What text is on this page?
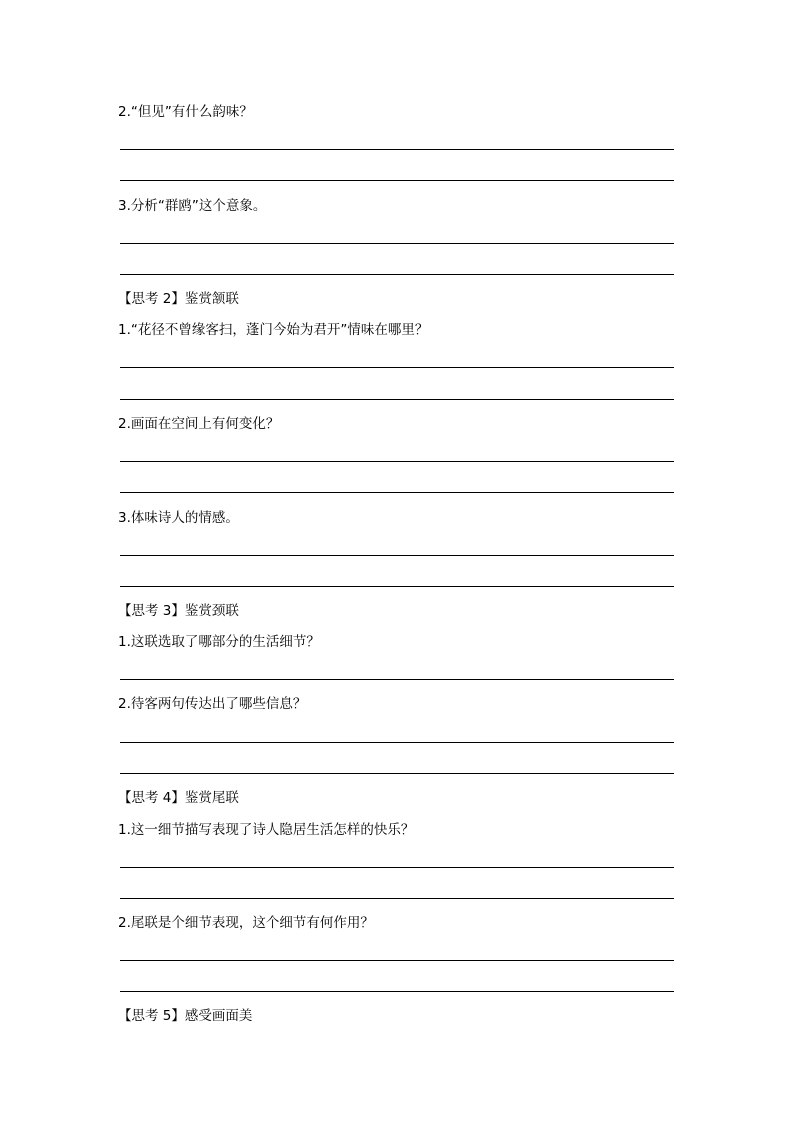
2.“但见”有什么韵味？
3.分析“群鸥”这个意象。
【思考 2】鉴赏颔联
1.“花径不曾缘客扫，蓬门今始为君开”情味在哪里？
2.画面在空间上有何变化？
3.体味诗人的情感。
【思考 3】鉴赏颈联
1.这联选取了哪部分的生活细节？
2.待客两句传达出了哪些信息？
【思考 4】鉴赏尾联
1.这一细节描写表现了诗人隐居生活怎样的快乐？
2.尾联是个细节表现，这个细节有何作用？
【思考 5】感受画面美
